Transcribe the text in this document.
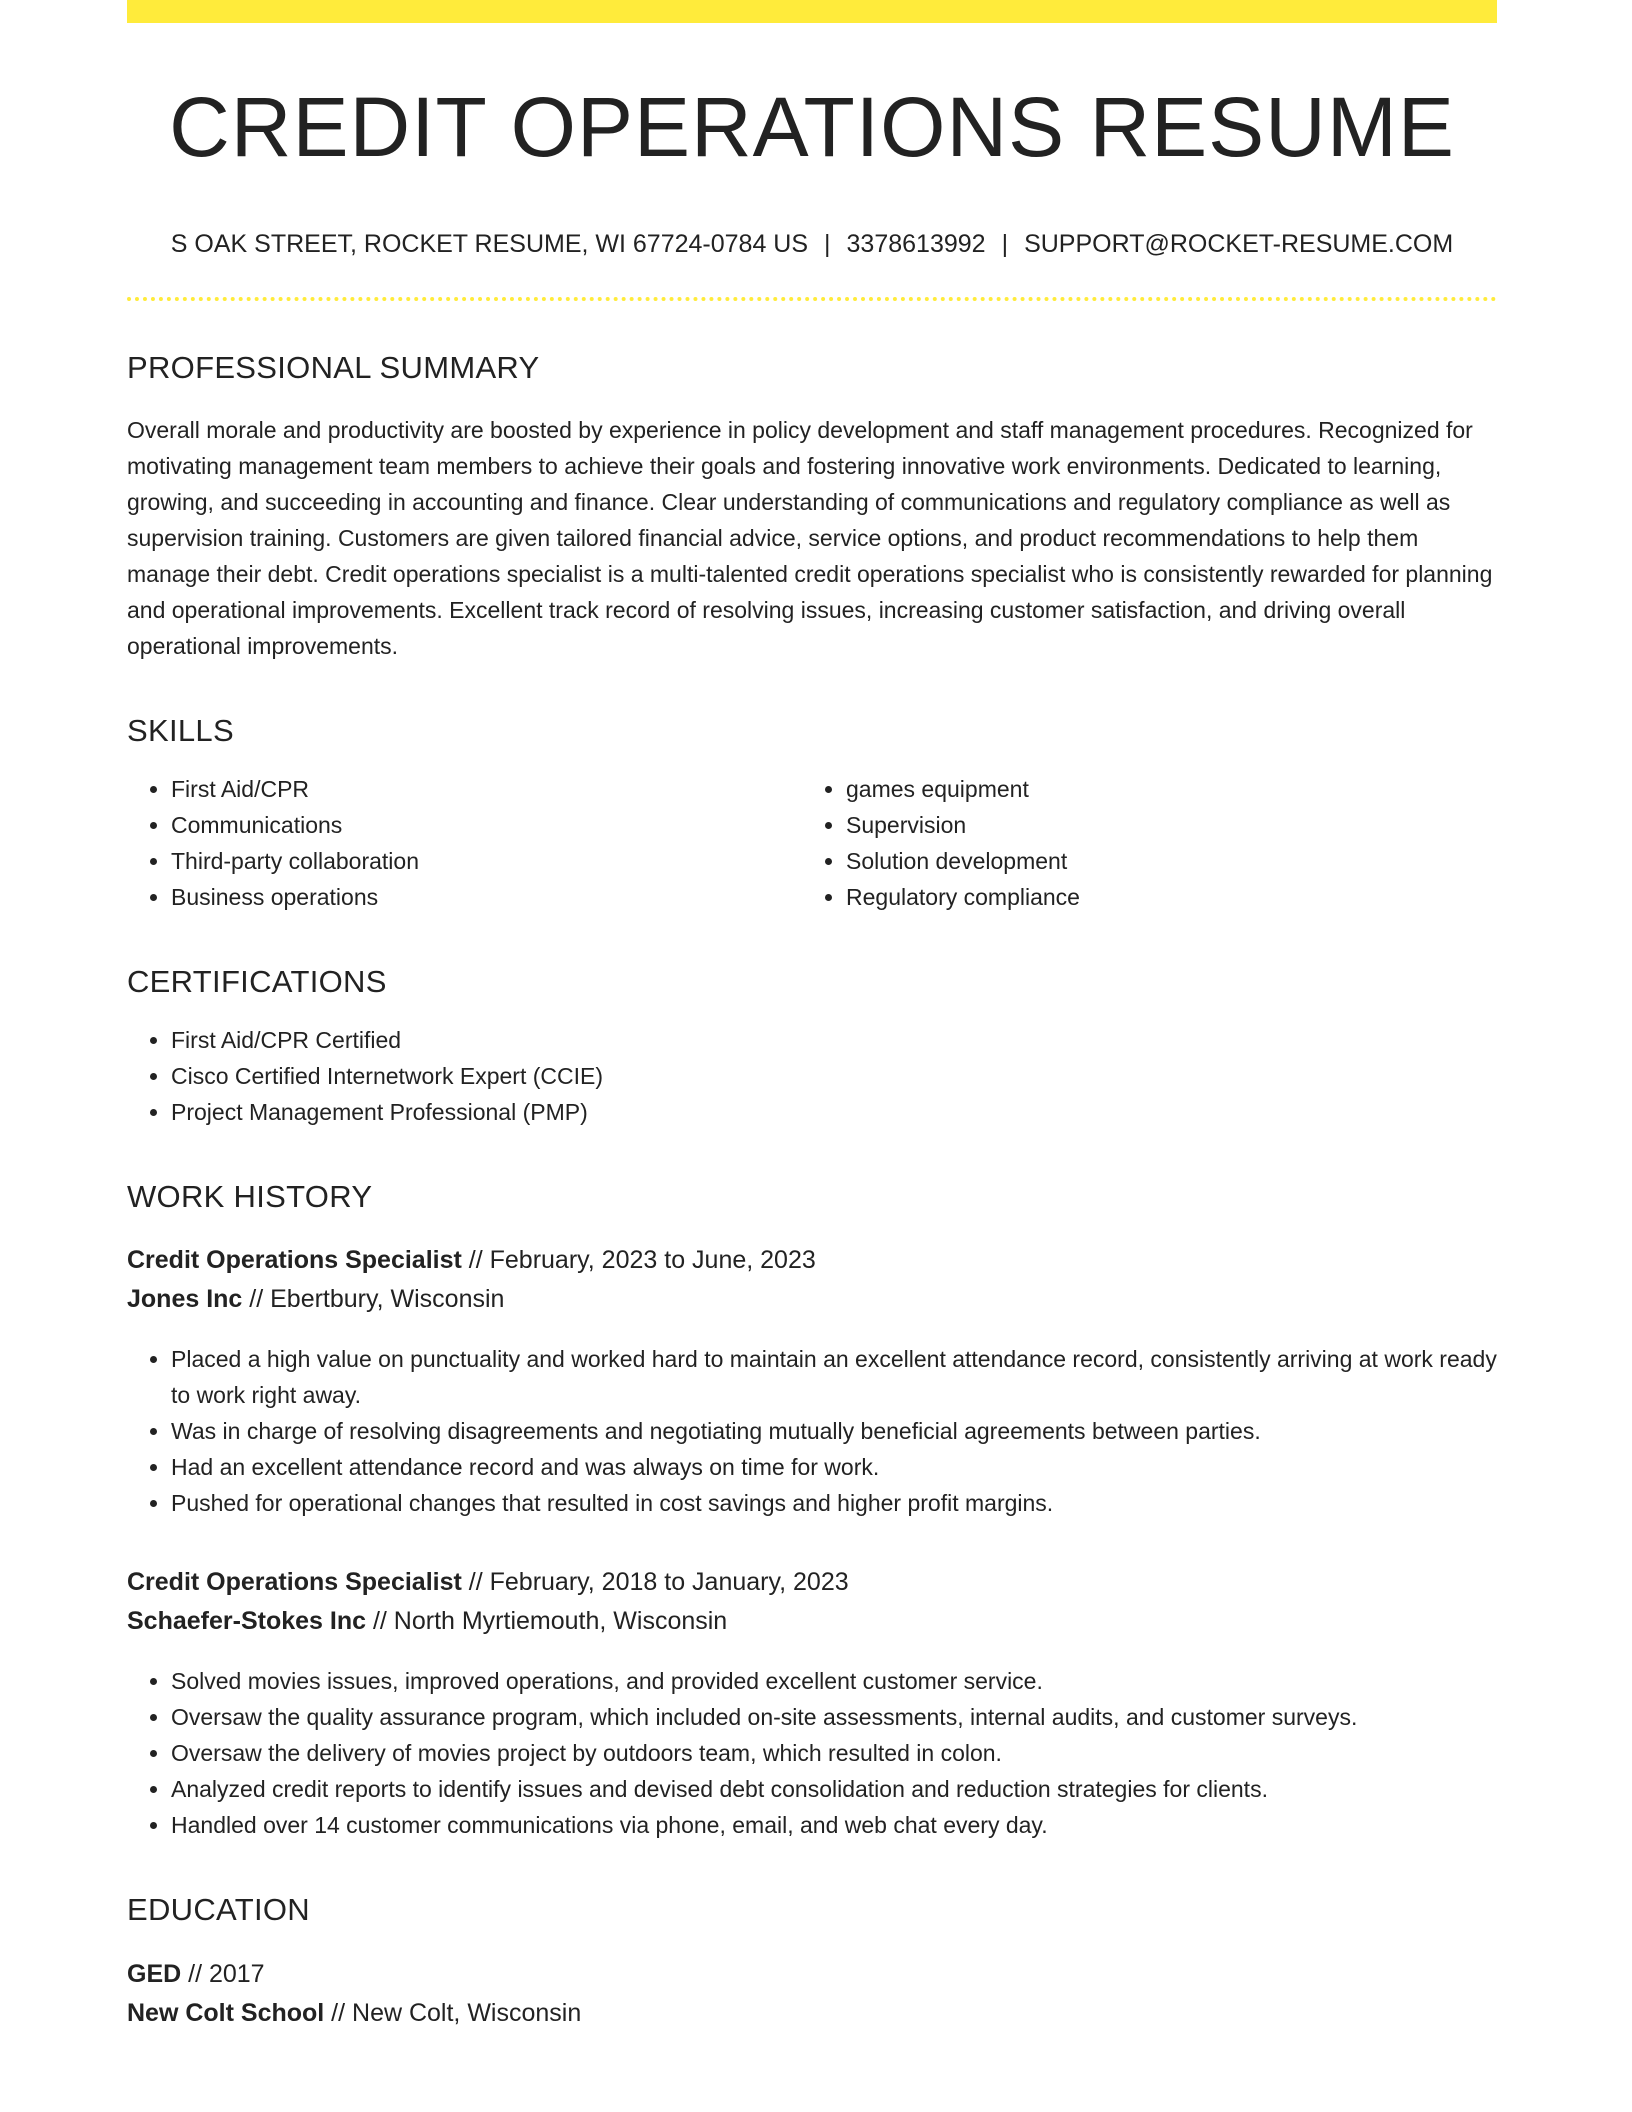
CREDIT OPERATIONS RESUME
S OAK STREET, ROCKET RESUME, WI 67724-0784 US | 3378613992 | SUPPORT@ROCKET-RESUME.COM
PROFESSIONAL SUMMARY
Overall morale and productivity are boosted by experience in policy development and staff management procedures. Recognized for motivating management team members to achieve their goals and fostering innovative work environments. Dedicated to learning, growing, and succeeding in accounting and finance. Clear understanding of communications and regulatory compliance as well as supervision training. Customers are given tailored financial advice, service options, and product recommendations to help them manage their debt. Credit operations specialist is a multi-talented credit operations specialist who is consistently rewarded for planning and operational improvements. Excellent track record of resolving issues, increasing customer satisfaction, and driving overall operational improvements.
SKILLS
• First Aid/CPR
• Communications
• Third-party collaboration
• Business operations
• games equipment
• Supervision
• Solution development
• Regulatory compliance
CERTIFICATIONS
• First Aid/CPR Certified
• Cisco Certified Internetwork Expert (CCIE)
• Project Management Professional (PMP)
WORK HISTORY
Credit Operations Specialist // February, 2023 to June, 2023
Jones Inc // Ebertbury, Wisconsin
• Placed a high value on punctuality and worked hard to maintain an excellent attendance record, consistently arriving at work ready to work right away.
• Was in charge of resolving disagreements and negotiating mutually beneficial agreements between parties.
• Had an excellent attendance record and was always on time for work.
• Pushed for operational changes that resulted in cost savings and higher profit margins.
Credit Operations Specialist // February, 2018 to January, 2023
Schaefer-Stokes Inc // North Myrtiemouth, Wisconsin
• Solved movies issues, improved operations, and provided excellent customer service.
• Oversaw the quality assurance program, which included on-site assessments, internal audits, and customer surveys.
• Oversaw the delivery of movies project by outdoors team, which resulted in colon.
• Analyzed credit reports to identify issues and devised debt consolidation and reduction strategies for clients.
• Handled over 14 customer communications via phone, email, and web chat every day.
EDUCATION
GED // 2017
New Colt School // New Colt, Wisconsin
